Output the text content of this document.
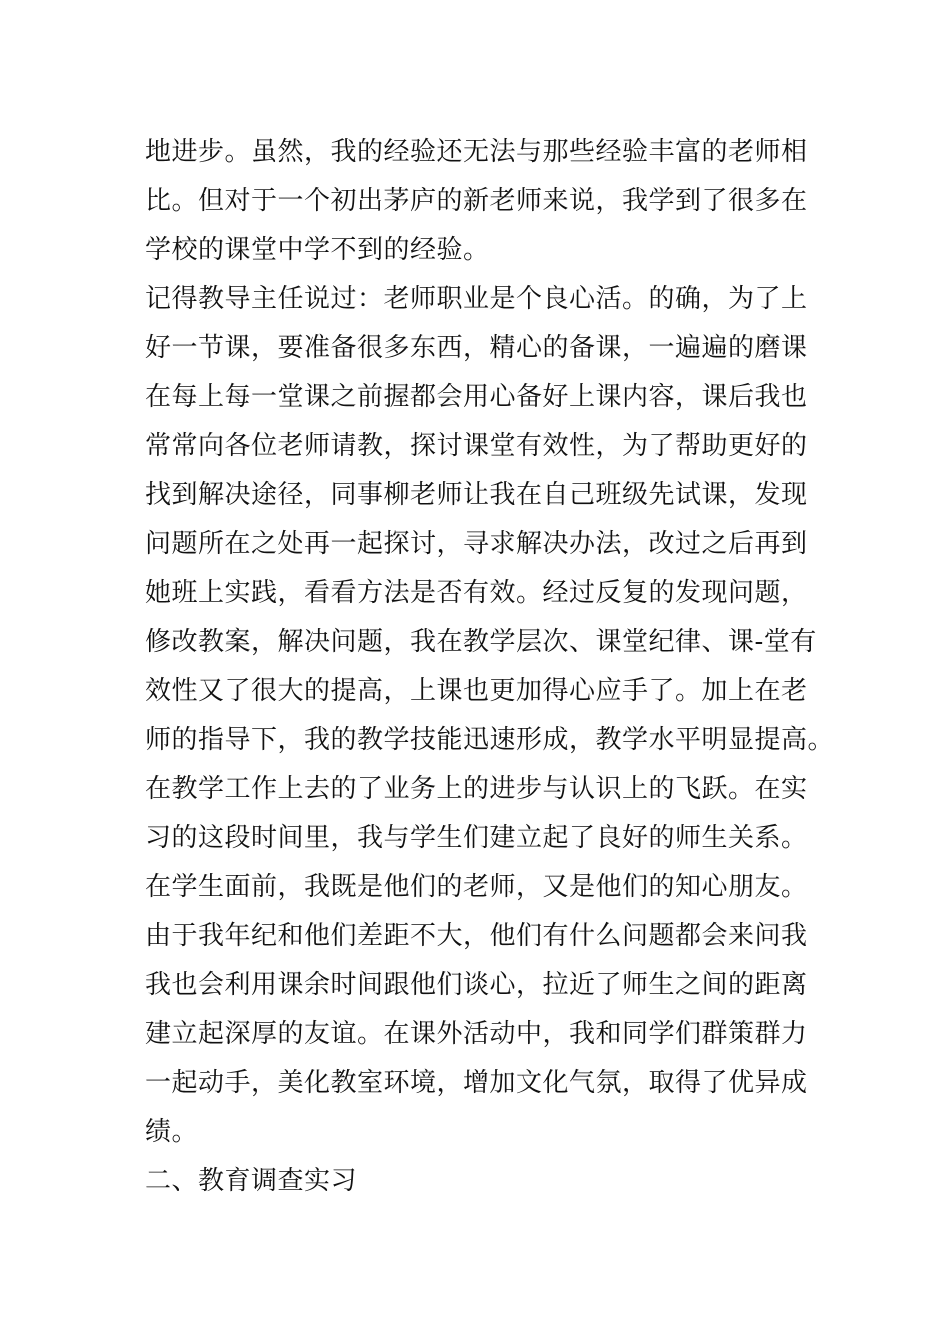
地进步。虽然，我的经验还无法与那些经验丰富的老师相
比。但对于一个初出茅庐的新老师来说，我学到了很多在
学校的课堂中学不到的经验。
记得教导主任说过：老师职业是个良心活。的确，为了上
好一节课，要准备很多东西，精心的备课，一遍遍的磨课
在每上每一堂课之前握都会用心备好上课内容，课后我也
常常向各位老师请教，探讨课堂有效性，为了帮助更好的
找到解决途径，同事柳老师让我在自己班级先试课，发现
问题所在之处再一起探讨，寻求解决办法，改过之后再到
她班上实践，看看方法是否有效。经过反复的发现问题，
修改教案，解决问题，我在教学层次、课堂纪律、课-堂有
效性又了很大的提高，上课也更加得心应手了。加上在老
师的指导下，我的教学技能迅速形成，教学水平明显提高。
在教学工作上去的了业务上的进步与认识上的飞跃。在实
习的这段时间里，我与学生们建立起了良好的师生关系。
在学生面前，我既是他们的老师，又是他们的知心朋友。
由于我年纪和他们差距不大，他们有什么问题都会来问我
我也会利用课余时间跟他们谈心，拉近了师生之间的距离
建立起深厚的友谊。在课外活动中，我和同学们群策群力
一起动手，美化教室环境，增加文化气氛，取得了优异成
绩。
二、教育调查实习
